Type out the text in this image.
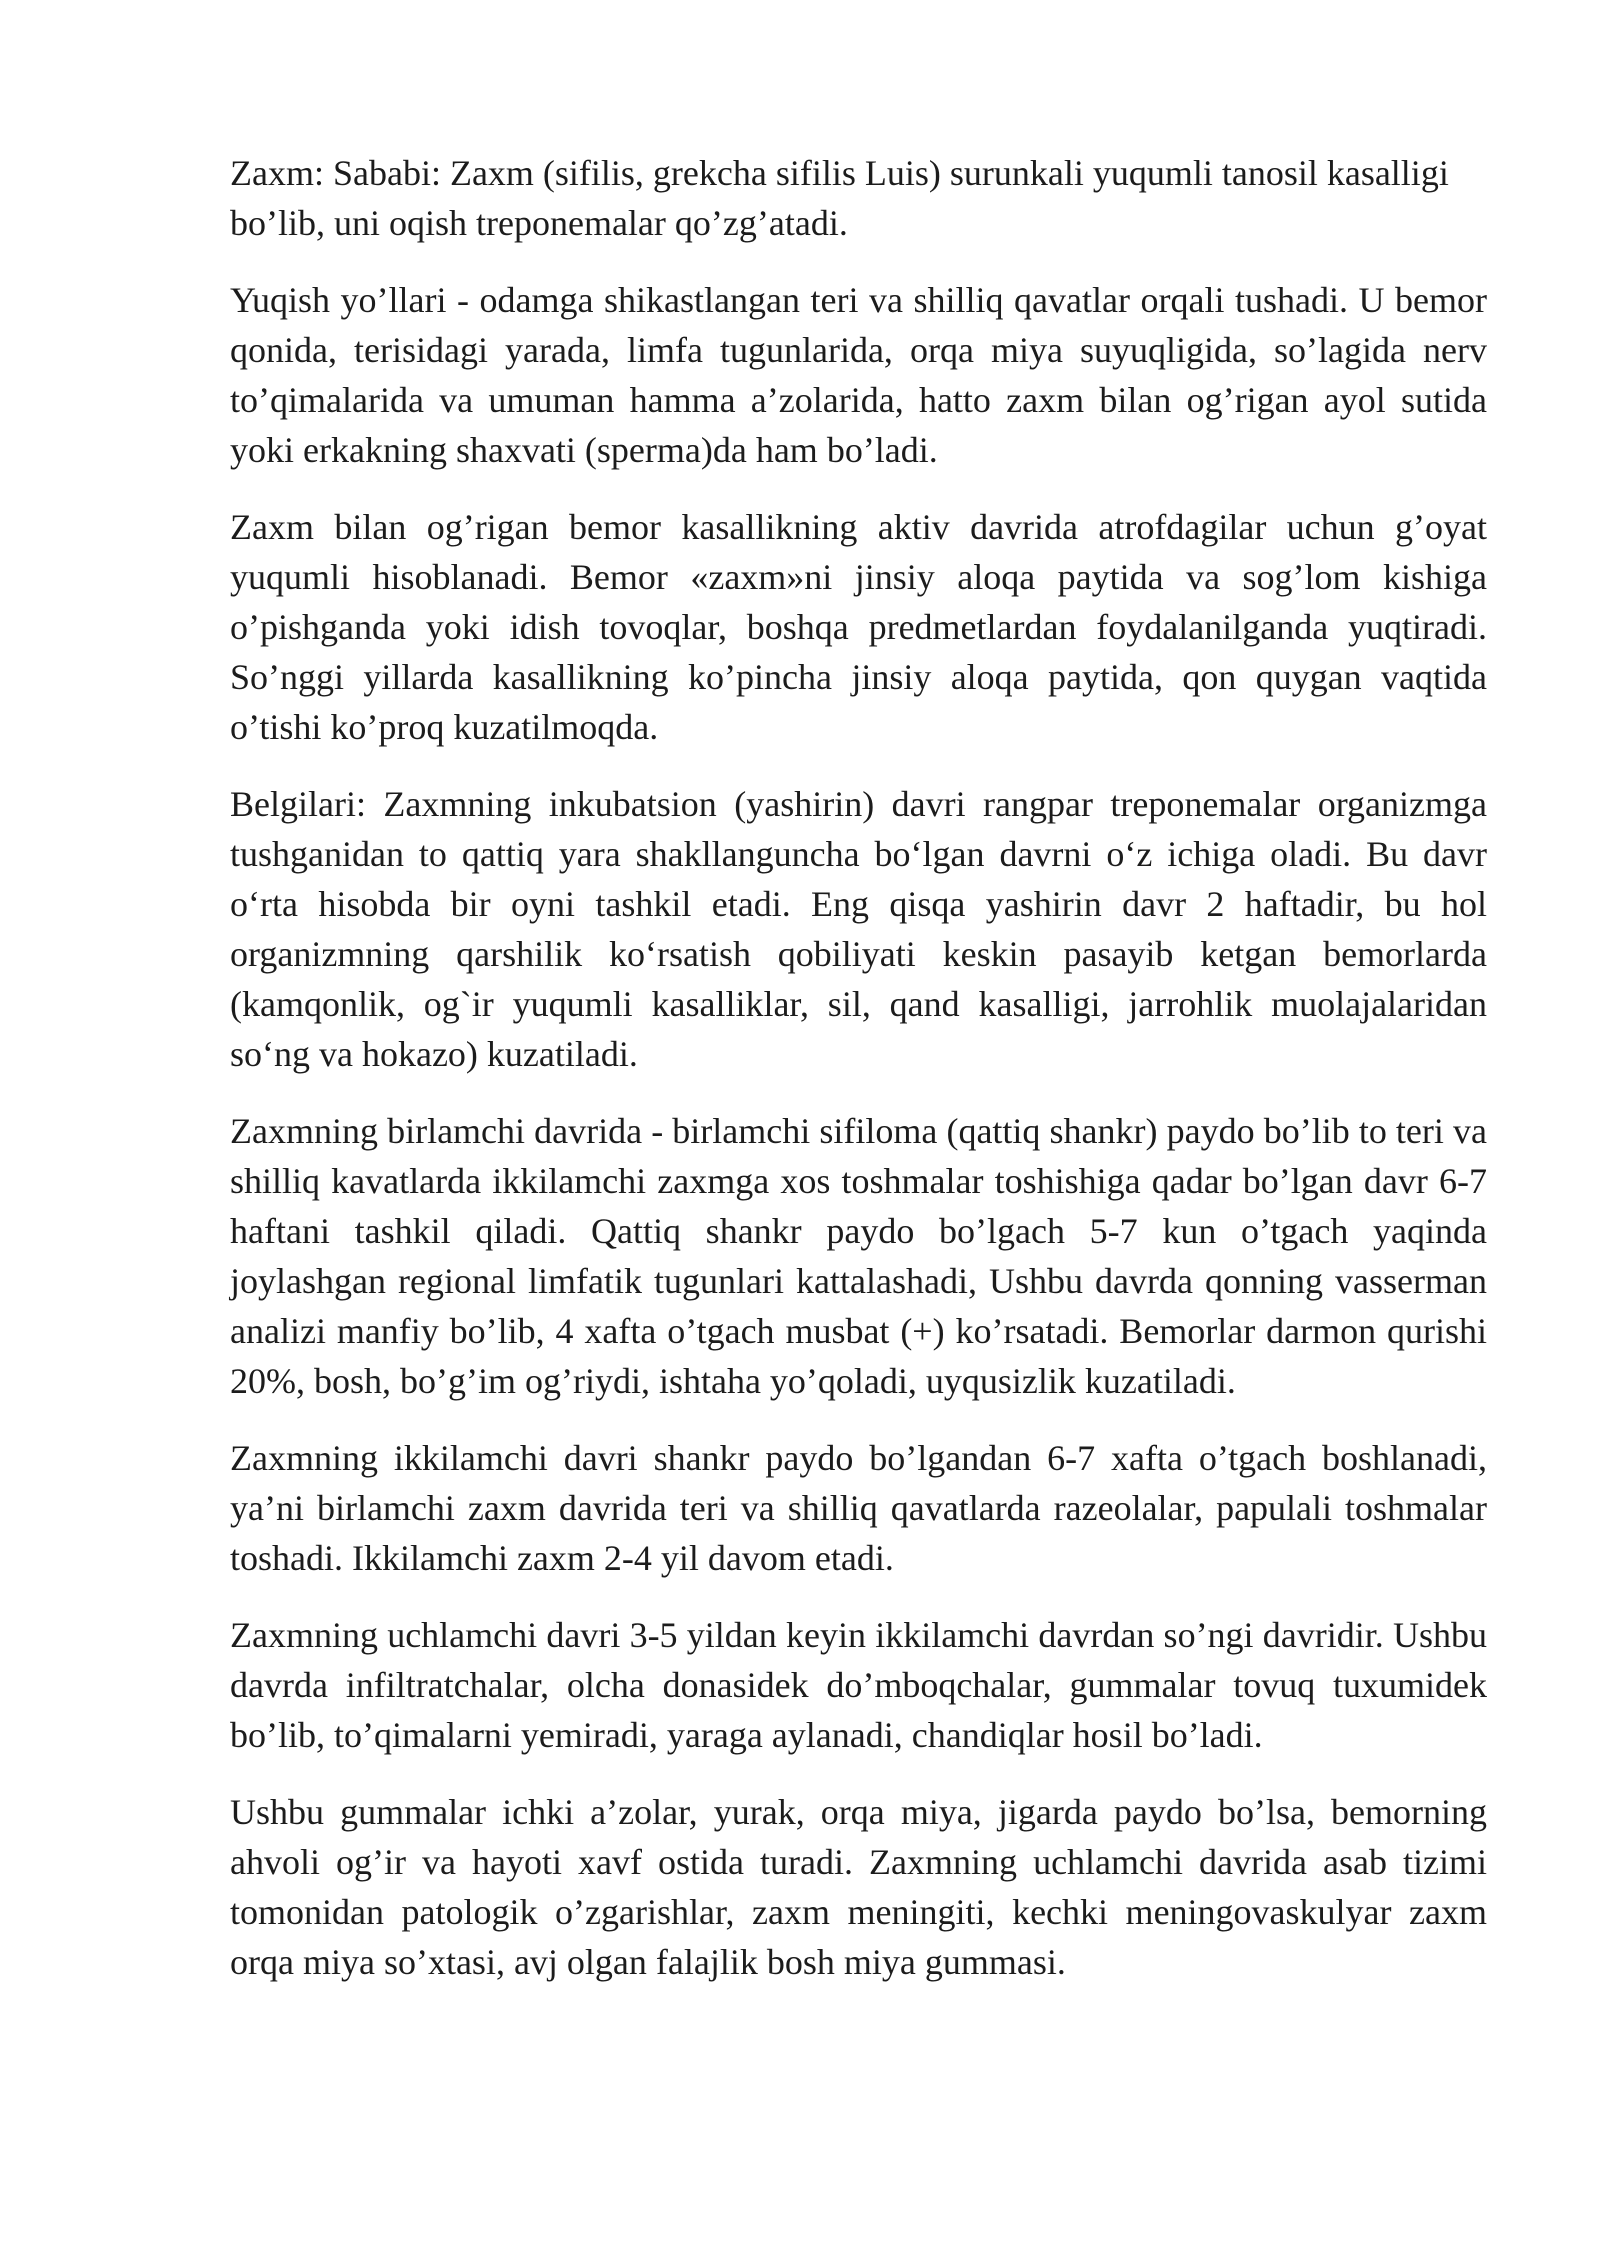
Zaxm: Sababi: Zaxm (sifilis, grekcha sifilis Luis) surunkali yuqumli tanosil kasalligi bo’lib, uni oqish treponemalar qo’zg’atadi.

Yuqish yo’llari - odamga shikastlangan teri va shilliq qavatlar orqali tushadi. U bemor qonida, terisidagi yarada, limfa tugunlarida, orqa miya suyuqligida, so’lagida nerv to’qimalarida va umuman hamma a’zolarida, hatto zaxm bilan og’rigan ayol sutida yoki erkakning shaxvati (sperma)da ham bo’ladi.

Zaxm bilan og’rigan bemor kasallikning aktiv davrida atrofdagilar uchun g’oyat yuqumli hisoblanadi. Bemor «zaxm»ni jinsiy aloqa paytida va sog’lom kishiga o’pishganda yoki idish tovoqlar, boshqa predmetlardan foydalanilganda yuqtiradi. So’nggi yillarda kasallikning ko’pincha jinsiy aloqa paytida, qon quygan vaqtida o’tishi ko’proq kuzatilmoqda.

Belgilari: Zaxmning inkubatsion (yashirin) davri rangpar treponemalar organizmga tushganidan to qattiq yara shakllanguncha bo‘lgan davrni o‘z ichiga oladi. Bu davr o‘rta hisobda bir oyni tashkil etadi. Eng qisqa yashirin davr 2 haftadir, bu hol organizmning qarshilik ko‘rsatish qobiliyati keskin pasayib ketgan bemorlarda (kamqonlik, og`ir yuqumli kasalliklar, sil, qand kasalligi, jarrohlik muolajalaridan so‘ng va hokazo) kuzatiladi.

Zaxmning birlamchi davrida - birlamchi sifiloma (qattiq shankr) paydo bo’lib to teri va shilliq kavatlarda ikkilamchi zaxmga xos toshmalar toshishiga qadar bo’lgan davr 6-7 haftani tashkil qiladi. Qattiq shankr paydo bo’lgach 5-7 kun o’tgach yaqinda joylashgan regional limfatik tugunlari kattalashadi, Ushbu davrda qonning vasserman analizi manfiy bo’lib, 4 xafta o’tgach musbat (+) ko’rsatadi. Bemorlar darmon qurishi 20%, bosh, bo’g’im og’riydi, ishtaha yo’qoladi, uyqusizlik kuzatiladi.

Zaxmning ikkilamchi davri shankr paydo bo’lgandan 6-7 xafta o’tgach boshlanadi, ya’ni birlamchi zaxm davrida teri va shilliq qavatlarda razeolalar, papulali toshmalar toshadi. Ikkilamchi zaxm 2-4 yil davom etadi.

Zaxmning uchlamchi davri 3-5 yildan keyin ikkilamchi davrdan so’ngi davridir. Ushbu davrda infiltratchalar, olcha donasidek do’mboqchalar, gummalar tovuq tuxumidek bo’lib, to’qimalarni yemiradi, yaraga aylanadi, chandiqlar hosil bo’ladi.

Ushbu gummalar ichki a’zolar, yurak, orqa miya, jigarda paydo bo’lsa, bemorning ahvoli og’ir va hayoti xavf ostida turadi. Zaxmning uchlamchi davrida asab tizimi tomonidan patologik o’zgarishlar, zaxm meningiti, kechki meningovaskulyar zaxm orqa miya so’xtasi, avj olgan falajlik bosh miya gummasi.
